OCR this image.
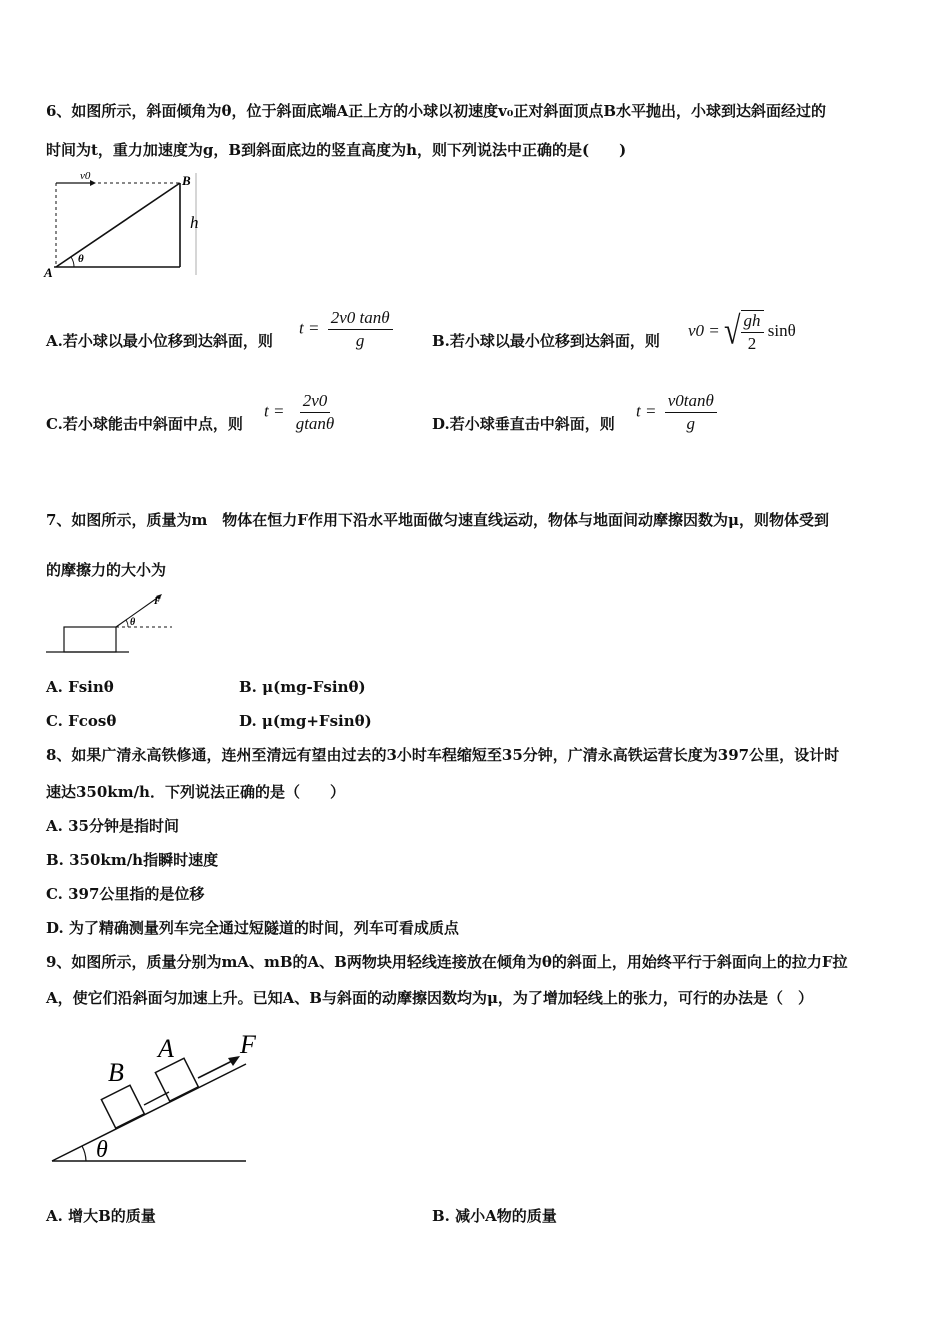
6、如图所示，斜面倾角为θ，位于斜面底端A正上方的小球以初速度v₀正对斜面顶点B水平抛出，小球到达斜面经过的
时间为t，重力加速度为g，B到斜面底边的竖直高度为h，则下列说法中正确的是(　　)
v0	B
h
A
θ
A.若小球以最小位移到达斜面，则
$t = \frac{2v0 \tan\theta}{g}$	B.若小球以最小位移到达斜面，则
v0 = √ $\frac{gh}{2}$ sinθ
C.若小球能击中斜面中点，则
$t = \frac{2v0}{gtan\theta}$	D.若小球垂直击中斜面，则
$t = \frac{v0\tan\theta}{g}$
7、如图所示，质量为m　物体在恒力F作用下沿水平地面做匀速直线运动，物体与地面间动摩擦因数为μ，则物体受到
的摩擦力的大小为
F
θ
A. Fsinθ	B. μ(mg-Fsinθ)
C. Fcosθ	D. μ(mg+Fsinθ)
8、如果广清永高铁修通，连州至清远有望由过去的3小时车程缩短至35分钟，广清永高铁运营长度为397公里，设计时
速达350km/h．下列说法正确的是（　　）
A. 35分钟是指时间
B. 350km/h指瞬时速度
C. 397公里指的是位移
D. 为了精确测量列车完全通过短隧道的时间，列车可看成质点
9、如图所示，质量分别为mA、mB的A、B两物块用轻线连接放在倾角为θ的斜面上，用始终平行于斜面向上的拉力F拉
A，使它们沿斜面匀加速上升。已知A、B与斜面的动摩擦因数均为μ，为了增加轻线上的张力，可行的办法是（　）
B
A	F
θ
A. 增大B的质量	B. 减小A物的质量
